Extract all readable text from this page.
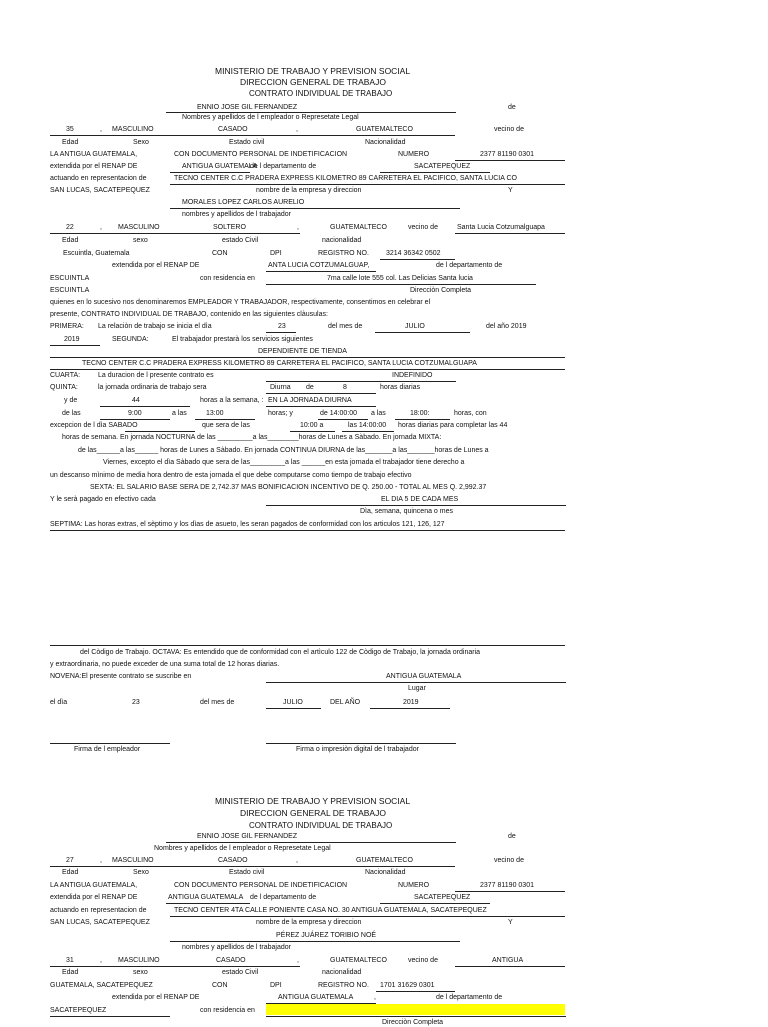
MINISTERIO DE TRABAJO Y PREVISION SOCIAL
DIRECCION GENERAL DE TRABAJO
CONTRATO INDIVIDUAL DE TRABAJO
ENNIO JOSE GIL FERNANDEZ	de
Nombres y apellidos de l empleador o Represetate Legal
35	, MASCULINO	CASADO	,	GUATEMALTECO	vecino de
Edad	Sexo	Estado civil	Nacionalidad
LA ANTIGUA GUATEMALA,	CON DOCUMENTO PERSONAL DE INDETIFICACION	NUMERO	2377 81190 0301
extendida por el RENAP DE	ANTIGUA GUATEMALA
de l departamento de	SACATEPEQUEZ
actuando en representacion de	TECNO CENTER C.C PRADERA EXPRESS KILOMETRO 89 CARRETERA EL PACIFICO, SANTA LUCIA CO
SAN LUCAS, SACATEPEQUEZ	nombre de la empresa y direccion	Y
MORALES LOPEZ CARLOS AURELIO
nombres y apellidos de l trabajador
22	, MASCULINO	SOLTERO	,	GUATEMALTECO	vecino de	Santa Lucia Cotzumalguapa
Edad	sexo	estado Civil	nacionalidad
Escuintla, Guatemala	CON	DPI	REGISTRO NO. 3214 36342 0502
extendida por el RENAP DE	ANTA LUCIA COTZUMALGUAP,	de l departamento de
ESCUINTLA	con residencia en	7ma calle lote 555 col. Las Delicias Santa lucia
ESCUINTLA	Direcciòn Completa
quienes en lo sucesivo nos denominaremos EMPLEADOR Y TRABAJADOR, respectivamente, consentimos en celebrar el
presente, CONTRATO INDIVIDUAL DE TRABAJO, contenido en las siguientes clàusulas:
PRIMERA: La relaciòn de trabajo se inicia el dìa	23	del mes de	JULIO	del año 2019
2019	SEGUNDA:	El trabajador prestarà los servicios siguientes
DEPENDIENTE DE TIENDA
TECNO CENTER C.C PRADERA EXPRESS KILOMETRO 89 CARRETERA EL PACIFICO, SANTA LUCIA COTZUMALGUAPA
CUARTA:	La duracion de l presente contrato es	INDEFINIDO
QUINTA:	la jornada ordinaria de trabajo sera	Diurna de	8	horas diarias
y de	44	horas a la semana, : EN LA JORNADA DIURNA
de las	9:00	a las	13:00	horas; y	de 14:00:00 a las	18:00:	horas, con
excepcion de l dìa SABADO	que sera de las	10:00 a	las 14:00:00 horas diarias para completar las 44
horas de semana. En jornada NOCTURNA de las _________a las________horas de Lunes a Sàbado. En jornada MIXTA:
de las______a las______ horas de Lunes a Sàbado. En jornada CONTINUA DIURNA de las_______a las_______horas de Lunes a
Viernes, excepto el dìa Sàbado que sera de las_________a las ______en esta jornada el trabajador tiene derecho a
un descanso mìnimo de media hora dentro de esta jornada el que debe computarse como tiempo de trabajo efectivo
SEXTA: EL SALARIO BASE SERA DE 2,742.37 MAS BONIFICACION INCENTIVO DE Q. 250.00 - TOTAL AL MES Q. 2,992.37
Y le serà pagado en efectivo cada	EL DIA 5 DE CADA MES
Dìa, semana, quincena o mes
SEPTIMA: Las horas extras, el sèptimo y los dìas de asueto, les seran pagados de conformidad con los articulos 121, 126, 127
del Còdigo de Trabajo. OCTAVA: Es entendido que de conformidad con el artìculo 122 de Còdigo de Trabajo, la jornada ordinaria
y extraordinaria, no puede exceder de una suma total de 12 horas diarias.
NOVENA:El presente contrato se suscribe en	ANTIGUA GUATEMALA
Lugar
el dìa	23	del mes de	JULIO	DEL AÑO	2019
Firma de l empleador	Firma o impresiòn digital de l trabajador
MINISTERIO DE TRABAJO Y PREVISION SOCIAL
DIRECCION GENERAL DE TRABAJO
CONTRATO INDIVIDUAL DE TRABAJO
ENNIO JOSE GIL FERNANDEZ	de
Nombres y apellidos de l empleador o Represetate Legal
27	, MASCULINO	CASADO	,	GUATEMALTECO	vecino de
Edad	Sexo	Estado civil	Nacionalidad
LA ANTIGUA GUATEMALA,	CON DOCUMENTO PERSONAL DE INDETIFICACION	NUMERO	2377 81190 0301
extendida por el RENAP DE	ANTIGUA GUATEMALA de l departamento de	SACATEPEQUEZ
actuando en representacion de	TECNO CENTER 4TA CALLE PONIENTE CASA NO. 30 ANTIGUA GUATEMALA, SACATEPEQUEZ
SAN LUCAS, SACATEPEQUEZ	nombre de la empresa y direccion	Y
PÉREZ JUÁREZ TORIBIO NOÉ
nombres y apellidos de l trabajador
31	, MASCULINO	CASADO	,	GUATEMALTECO	vecino de	ANTIGUA
Edad	sexo	estado Civil	nacionalidad
GUATEMALA, SACATEPEQUEZ	CON	DPI	REGISTRO NO. 1701 31629 0301
extendida por el RENAP DE	ANTIGUA GUATEMALA	,	de l departamento de
SACATEPEQUEZ	con residencia en
Direcciòn Completa
